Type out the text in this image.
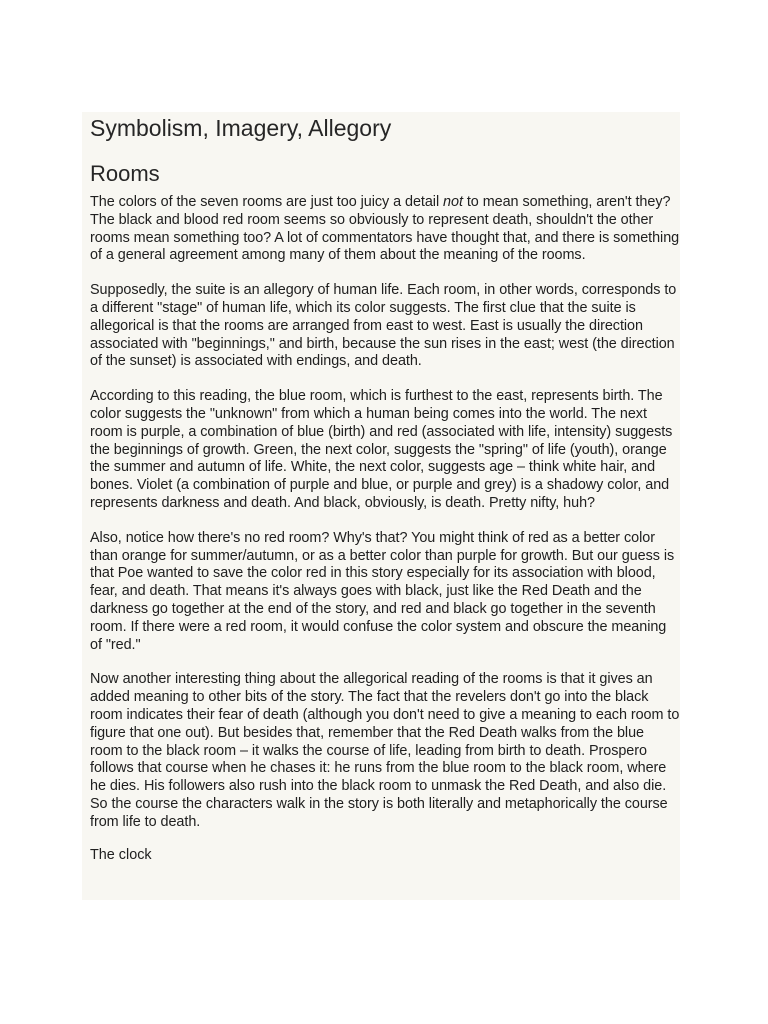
Symbolism, Imagery, Allegory
Rooms

The colors of the seven rooms are just too juicy a detail not to mean something, aren't they? The black and blood red room seems so obviously to represent death, shouldn't the other rooms mean something too? A lot of commentators have thought that, and there is something of a general agreement among many of them about the meaning of the rooms.

Supposedly, the suite is an allegory of human life. Each room, in other words, corresponds to a different "stage" of human life, which its color suggests. The first clue that the suite is allegorical is that the rooms are arranged from east to west. East is usually the direction associated with "beginnings," and birth, because the sun rises in the east; west (the direction of the sunset) is associated with endings, and death.

According to this reading, the blue room, which is furthest to the east, represents birth. The color suggests the "unknown" from which a human being comes into the world. The next room is purple, a combination of blue (birth) and red (associated with life, intensity) suggests the beginnings of growth. Green, the next color, suggests the "spring" of life (youth), orange the summer and autumn of life. White, the next color, suggests age – think white hair, and bones. Violet (a combination of purple and blue, or purple and grey) is a shadowy color, and represents darkness and death. And black, obviously, is death. Pretty nifty, huh?

Also, notice how there's no red room? Why's that? You might think of red as a better color than orange for summer/autumn, or as a better color than purple for growth. But our guess is that Poe wanted to save the color red in this story especially for its association with blood, fear, and death. That means it's always goes with black, just like the Red Death and the darkness go together at the end of the story, and red and black go together in the seventh room. If there were a red room, it would confuse the color system and obscure the meaning of "red."

Now another interesting thing about the allegorical reading of the rooms is that it gives an added meaning to other bits of the story. The fact that the revelers don't go into the black room indicates their fear of death (although you don't need to give a meaning to each room to figure that one out). But besides that, remember that the Red Death walks from the blue room to the black room – it walks the course of life, leading from birth to death. Prospero follows that course when he chases it: he runs from the blue room to the black room, where he dies. His followers also rush into the black room to unmask the Red Death, and also die. So the course the characters walk in the story is both literally and metaphorically the course from life to death.

The clock
